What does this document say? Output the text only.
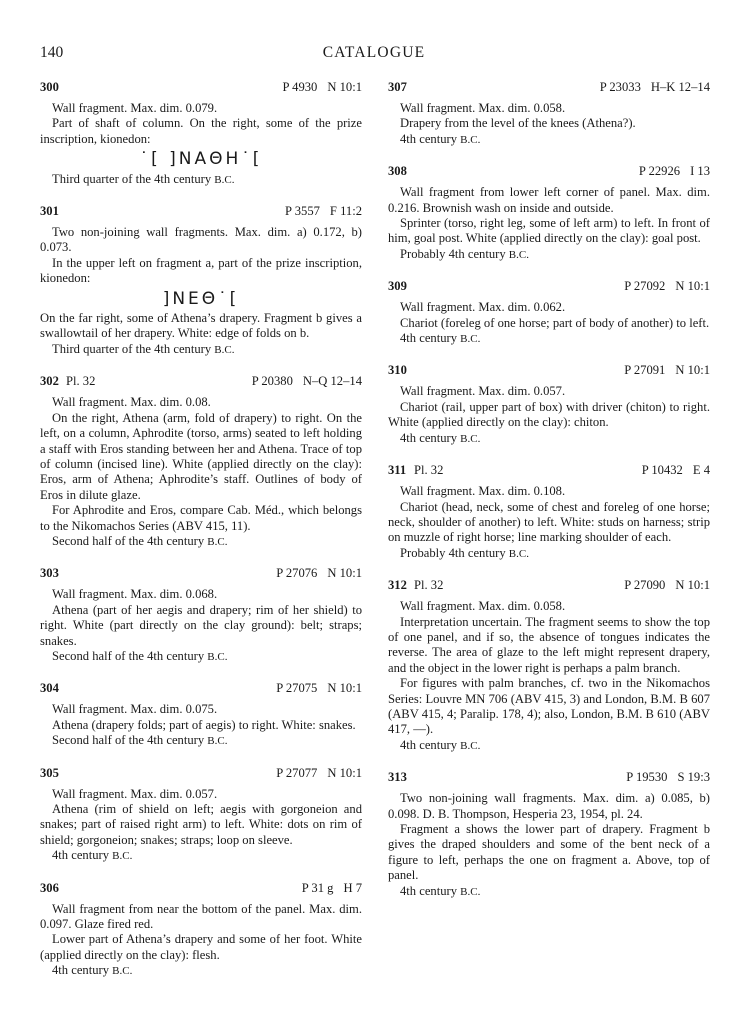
140	CATALOGUE
300	P 4930 N 10:1

Wall fragment. Max. dim. 0.079.

Part of shaft of column. On the right, some of the prize inscription, kionedon:

˙[ ]ΝΑΘΗ˙[

Third quarter of the 4th century B.C.

301	P 3557 F 11:2

Two non-joining wall fragments. Max. dim. a) 0.172, b) 0.073.

In the upper left on fragment a, part of the prize inscription, kionedon:

]ΝΕΘ˙[

On the far right, some of Athena’s drapery. Fragment b gives a swallowtail of her drapery. White: edge of folds on b.

Third quarter of the 4th century B.C.

302 Pl. 32	P 20380 N–Q 12–14

Wall fragment. Max. dim. 0.08.

On the right, Athena (arm, fold of drapery) to right. On the left, on a column, Aphrodite (torso, arms) seated to left holding a staff with Eros standing between her and Athena. Trace of top of column (incised line). White (applied directly on the clay): Eros, arm of Athena; Aphrodite’s staff. Outlines of body of Eros in dilute glaze.

For Aphrodite and Eros, compare Cab. Méd., which belongs to the Nikomachos Series (ABV 415, 11).

Second half of the 4th century B.C.

303	P 27076 N 10:1

Wall fragment. Max. dim. 0.068.

Athena (part of her aegis and drapery; rim of her shield) to right. White (part directly on the clay ground): belt; straps; snakes.

Second half of the 4th century B.C.

304	P 27075 N 10:1

Wall fragment. Max. dim. 0.075.

Athena (drapery folds; part of aegis) to right. White: snakes.

Second half of the 4th century B.C.

305	P 27077 N 10:1

Wall fragment. Max. dim. 0.057.

Athena (rim of shield on left; aegis with gorgoneion and snakes; part of raised right arm) to left. White: dots on rim of shield; gorgoneion; snakes; straps; loop on sleeve.

4th century B.C.

306	P 31 g H 7

Wall fragment from near the bottom of the panel. Max. dim. 0.097. Glaze fired red.

Lower part of Athena’s drapery and some of her foot. White (applied directly on the clay): flesh.

4th century B.C.

307	P 23033 H–K 12–14

Wall fragment. Max. dim. 0.058.

Drapery from the level of the knees (Athena?).

4th century B.C.

308	P 22926 I 13

Wall fragment from lower left corner of panel. Max. dim. 0.216. Brownish wash on inside and outside.

Sprinter (torso, right leg, some of left arm) to left. In front of him, goal post. White (applied directly on the clay): goal post.

Probably 4th century B.C.

309	P 27092 N 10:1

Wall fragment. Max. dim. 0.062.

Chariot (foreleg of one horse; part of body of another) to left.

4th century B.C.

310	P 27091 N 10:1

Wall fragment. Max. dim. 0.057.

Chariot (rail, upper part of box) with driver (chiton) to right. White (applied directly on the clay): chiton.

4th century B.C.

311 Pl. 32	P 10432 E 4

Wall fragment. Max. dim. 0.108.

Chariot (head, neck, some of chest and foreleg of one horse; neck, shoulder of another) to left. White: studs on harness; strip on muzzle of right horse; line marking shoulder of each.

Probably 4th century B.C.

312 Pl. 32	P 27090 N 10:1

Wall fragment. Max. dim. 0.058.

Interpretation uncertain. The fragment seems to show the top of one panel, and if so, the absence of tongues indicates the reverse. The area of glaze to the left might represent drapery, and the object in the lower right is perhaps a palm branch.

For figures with palm branches, cf. two in the Nikomachos Series: Louvre MN 706 (ABV 415, 3) and London, B.M. B 607 (ABV 415, 4; Paralip. 178, 4); also, London, B.M. B 610 (ABV 417, —).

4th century B.C.

313	P 19530 S 19:3

Two non-joining wall fragments. Max. dim. a) 0.085, b) 0.098. D. B. Thompson, Hesperia 23, 1954, pl. 24.

Fragment a shows the lower part of drapery. Fragment b gives the draped shoulders and some of the bent neck of a figure to left, perhaps the one on fragment a. Above, top of panel.

4th century B.C.
